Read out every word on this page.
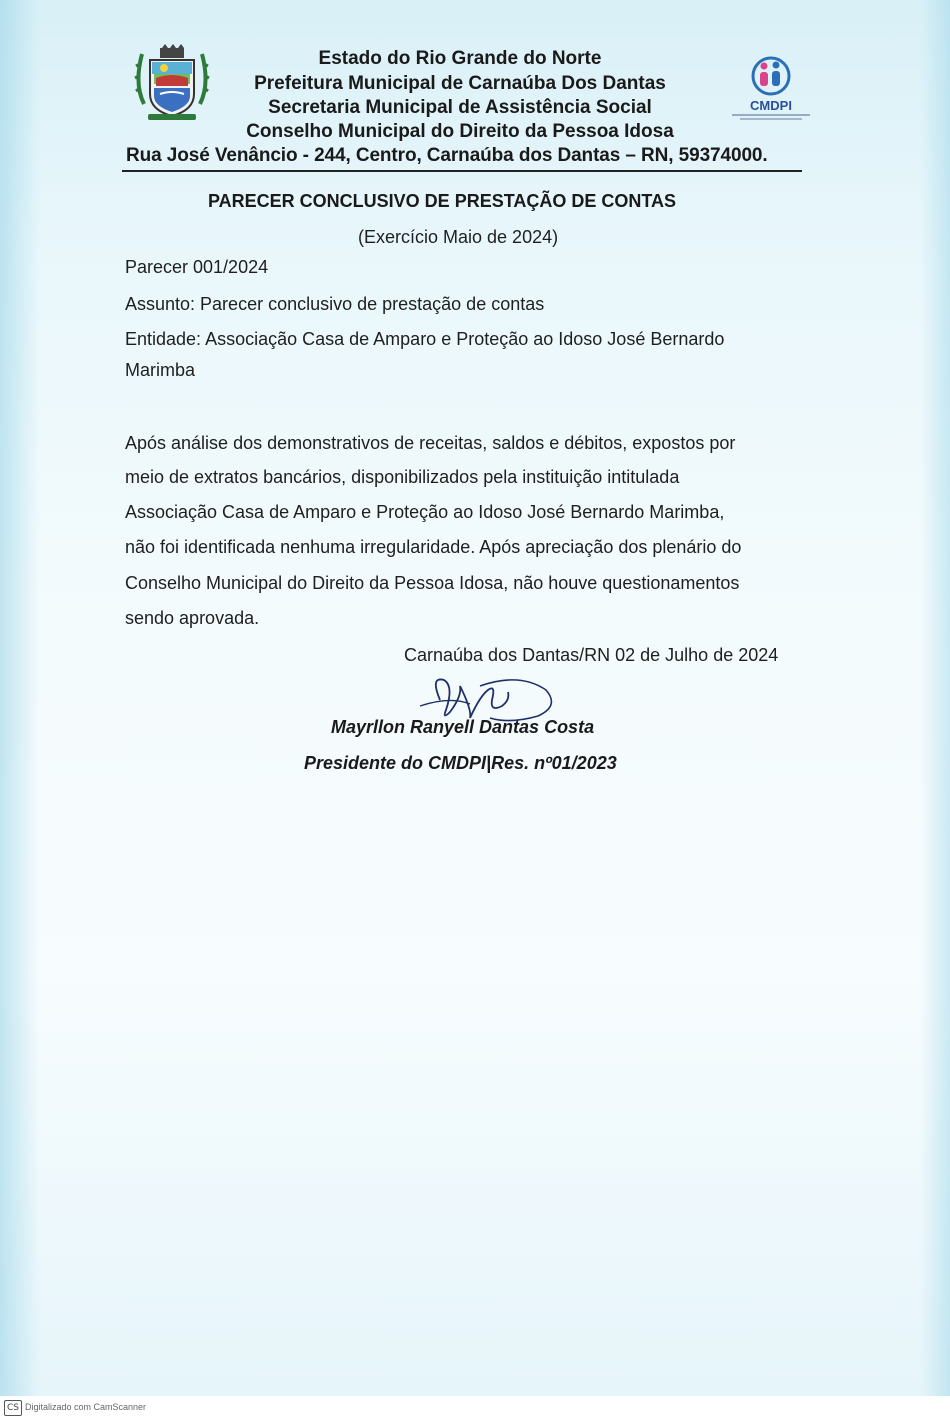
Estado do Rio Grande do Norte
Prefeitura Municipal de Carnaúba Dos Dantas
Secretaria Municipal de Assistência Social
Conselho Municipal do Direito da Pessoa Idosa
Rua José Venâncio - 244, Centro, Carnaúba dos Dantas – RN, 59374000.
CMDPI
PARECER CONCLUSIVO DE PRESTAÇÃO DE CONTAS
(Exercício Maio de 2024)
Parecer 001/2024
Assunto: Parecer conclusivo de prestação de contas
Entidade: Associação Casa de Amparo e Proteção ao Idoso José Bernardo
Marimba
Após análise dos demonstrativos de receitas, saldos e débitos, expostos por
meio de extratos bancários, disponibilizados pela instituição intitulada
Associação Casa de Amparo e Proteção ao Idoso José Bernardo Marimba,
não foi identificada nenhuma irregularidade. Após apreciação dos plenário do
Conselho Municipal do Direito da Pessoa Idosa, não houve questionamentos
sendo aprovada.
Carnaúba dos Dantas/RN 02 de Julho de 2024
Mayrllon Ranyell Dantas Costa
Presidente do CMDPI|Res. nº01/2023
CS Digitalizado com CamScanner
